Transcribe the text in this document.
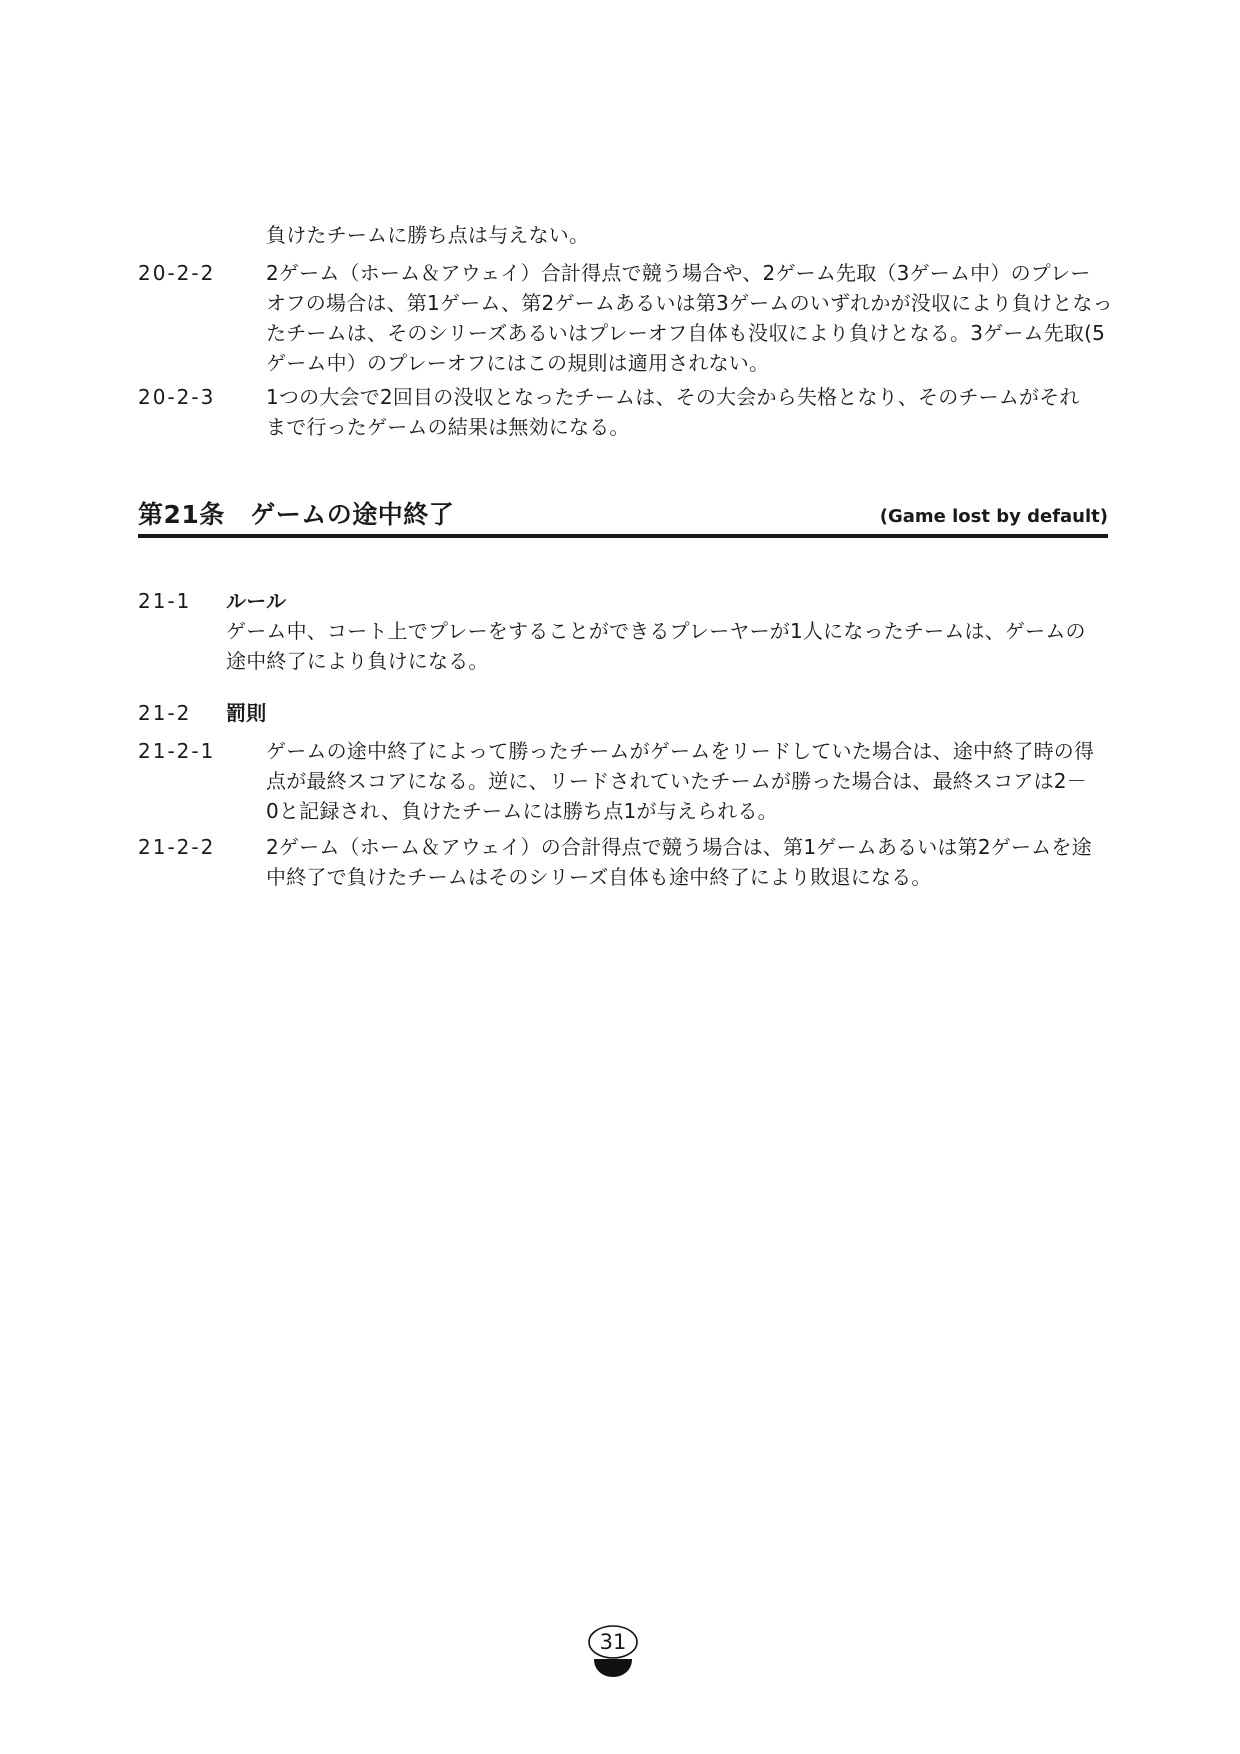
負けたチームに勝ち点は与えない。
20-2-2	2ゲーム（ホーム＆アウェイ）合計得点で競う場合や、2ゲーム先取（3ゲーム中）のプレー
オフの場合は、第1ゲーム、第2ゲームあるいは第3ゲームのいずれかが没収により負けとなっ
たチームは、そのシリーズあるいはプレーオフ自体も没収により負けとなる。3ゲーム先取(5
ゲーム中）のプレーオフにはこの規則は適用されない。
20-2-3	1つの大会で2回目の没収となったチームは、その大会から失格となり、そのチームがそれ
まで行ったゲームの結果は無効になる。
第21条　ゲームの途中終了	(Game lost by default)
21-1 ルール
ゲーム中、コート上でプレーをすることができるプレーヤーが1人になったチームは、ゲームの
途中終了により負けになる。
21-2 罰則
21-2-1	ゲームの途中終了によって勝ったチームがゲームをリードしていた場合は、途中終了時の得
点が最終スコアになる。逆に、リードされていたチームが勝った場合は、最終スコアは2－
0と記録され、負けたチームには勝ち点1が与えられる。
21-2-2	2ゲーム（ホーム＆アウェイ）の合計得点で競う場合は、第1ゲームあるいは第2ゲームを途
中終了で負けたチームはそのシリーズ自体も途中終了により敗退になる。
31
